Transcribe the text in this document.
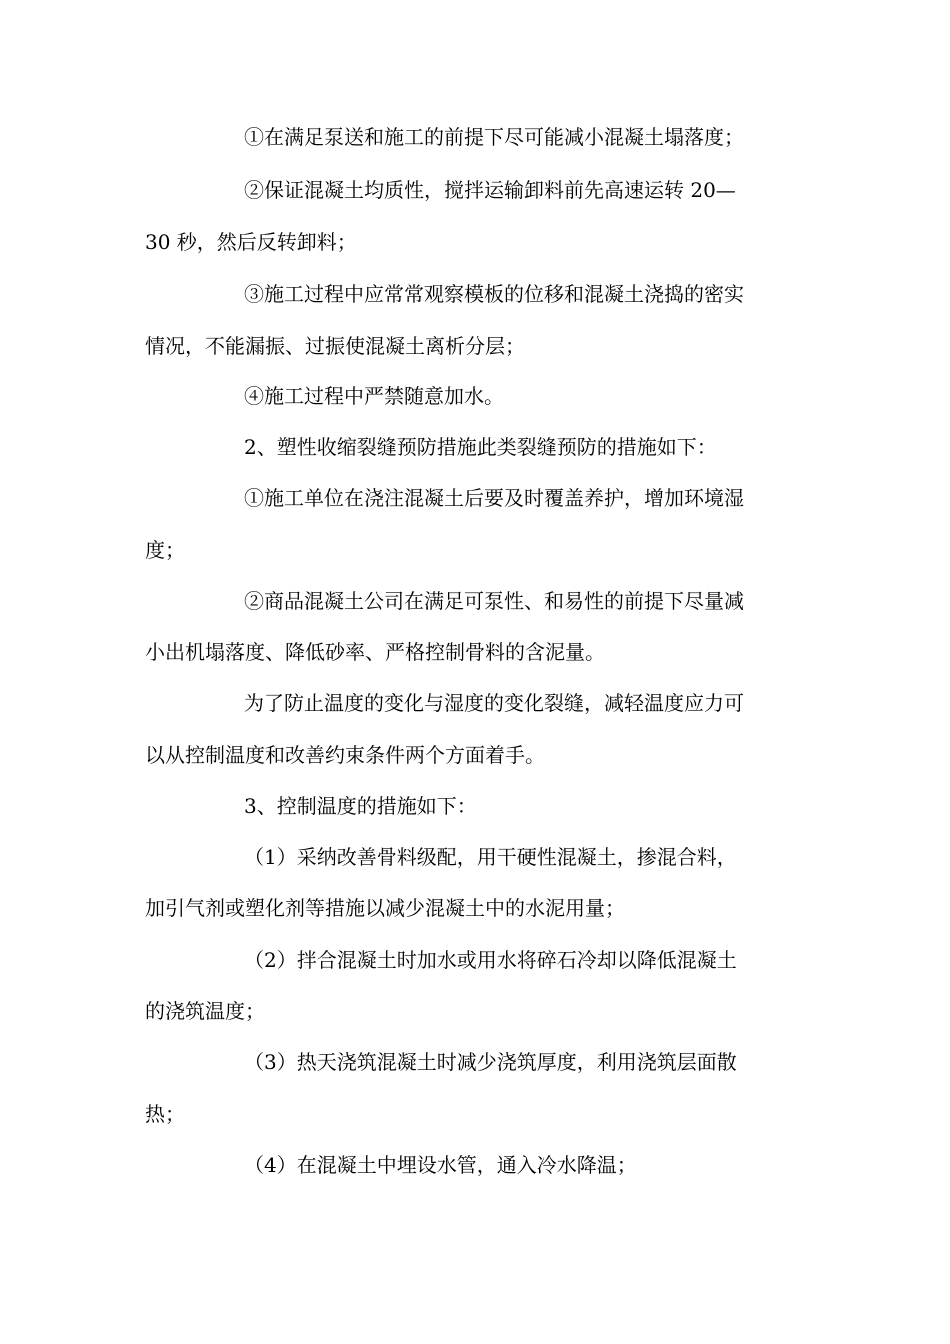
①在满足泵送和施工的前提下尽可能减小混凝土塌落度；

②保证混凝土均质性，搅拌运输卸料前先高速运转 20—

30 秒，然后反转卸料；

③施工过程中应常常观察模板的位移和混凝土浇捣的密实

情况，不能漏振、过振使混凝土离析分层；

④施工过程中严禁随意加水。

2、塑性收缩裂缝预防措施此类裂缝预防的措施如下：

①施工单位在浇注混凝土后要及时覆盖养护，增加环境湿

度；

②商品混凝土公司在满足可泵性、和易性的前提下尽量减

小出机塌落度、降低砂率、严格控制骨料的含泥量。

为了防止温度的变化与湿度的变化裂缝，减轻温度应力可

以从控制温度和改善约束条件两个方面着手。

3、控制温度的措施如下：

（1）采纳改善骨料级配，用干硬性混凝土，掺混合料，

加引气剂或塑化剂等措施以减少混凝土中的水泥用量；

（2）拌合混凝土时加水或用水将碎石冷却以降低混凝土

的浇筑温度；

（3）热天浇筑混凝土时减少浇筑厚度，利用浇筑层面散

热；

（4）在混凝土中埋设水管，通入冷水降温；
